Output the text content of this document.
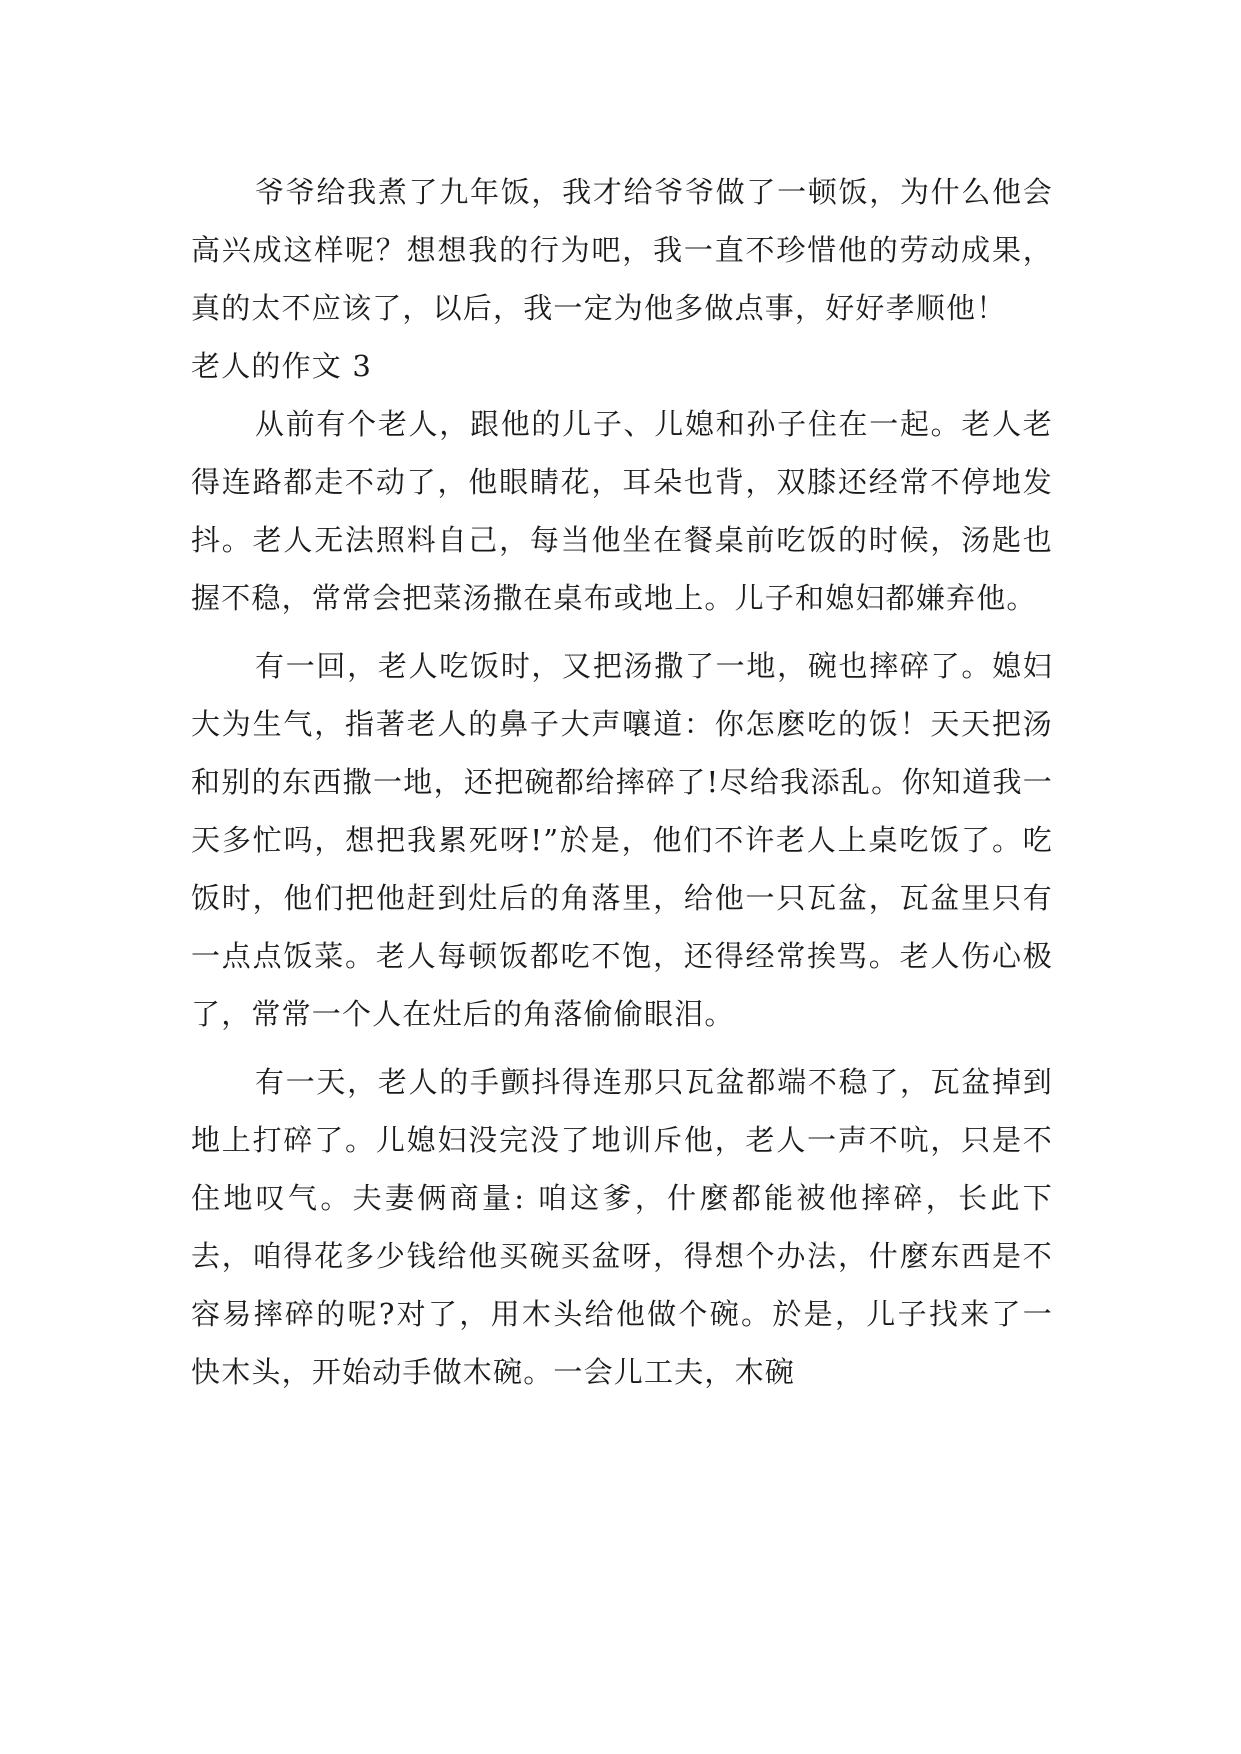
爷爷给我煮了九年饭，我才给爷爷做了一顿饭，为什么他会高兴成这样呢？想想我的行为吧，我一直不珍惜他的劳动成果，真的太不应该了，以后，我一定为他多做点事，好好孝顺他！

老人的作文 3

从前有个老人，跟他的儿子、儿媳和孙子住在一起。老人老得连路都走不动了，他眼睛花，耳朵也背，双膝还经常不停地发抖。老人无法照料自己，每当他坐在餐桌前吃饭的时候，汤匙也握不稳，常常会把菜汤撒在桌布或地上。儿子和媳妇都嫌弃他。

有一回，老人吃饭时，又把汤撒了一地，碗也摔碎了。媳妇大为生气，指著老人的鼻子大声嚷道：你怎麽吃的饭！天天把汤和别的东西撒一地，还把碗都给摔碎了!尽给我添乱。你知道我一天多忙吗，想把我累死呀!”於是，他们不许老人上桌吃饭了。吃饭时，他们把他赶到灶后的角落里，给他一只瓦盆，瓦盆里只有一点点饭菜。老人每顿饭都吃不饱，还得经常挨骂。老人伤心极了，常常一个人在灶后的角落偷偷眼泪。

有一天，老人的手颤抖得连那只瓦盆都端不稳了，瓦盆掉到地上打碎了。儿媳妇没完没了地训斥他，老人一声不吭，只是不住地叹气。夫妻俩商量: 咱这爹，什麼都能被他摔碎，长此下去，咱得花多少钱给他买碗买盆呀，得想个办法，什麼东西是不容易摔碎的呢?对了，用木头给他做个碗。於是，儿子找来了一快木头，开始动手做木碗。一会儿工夫，木碗
